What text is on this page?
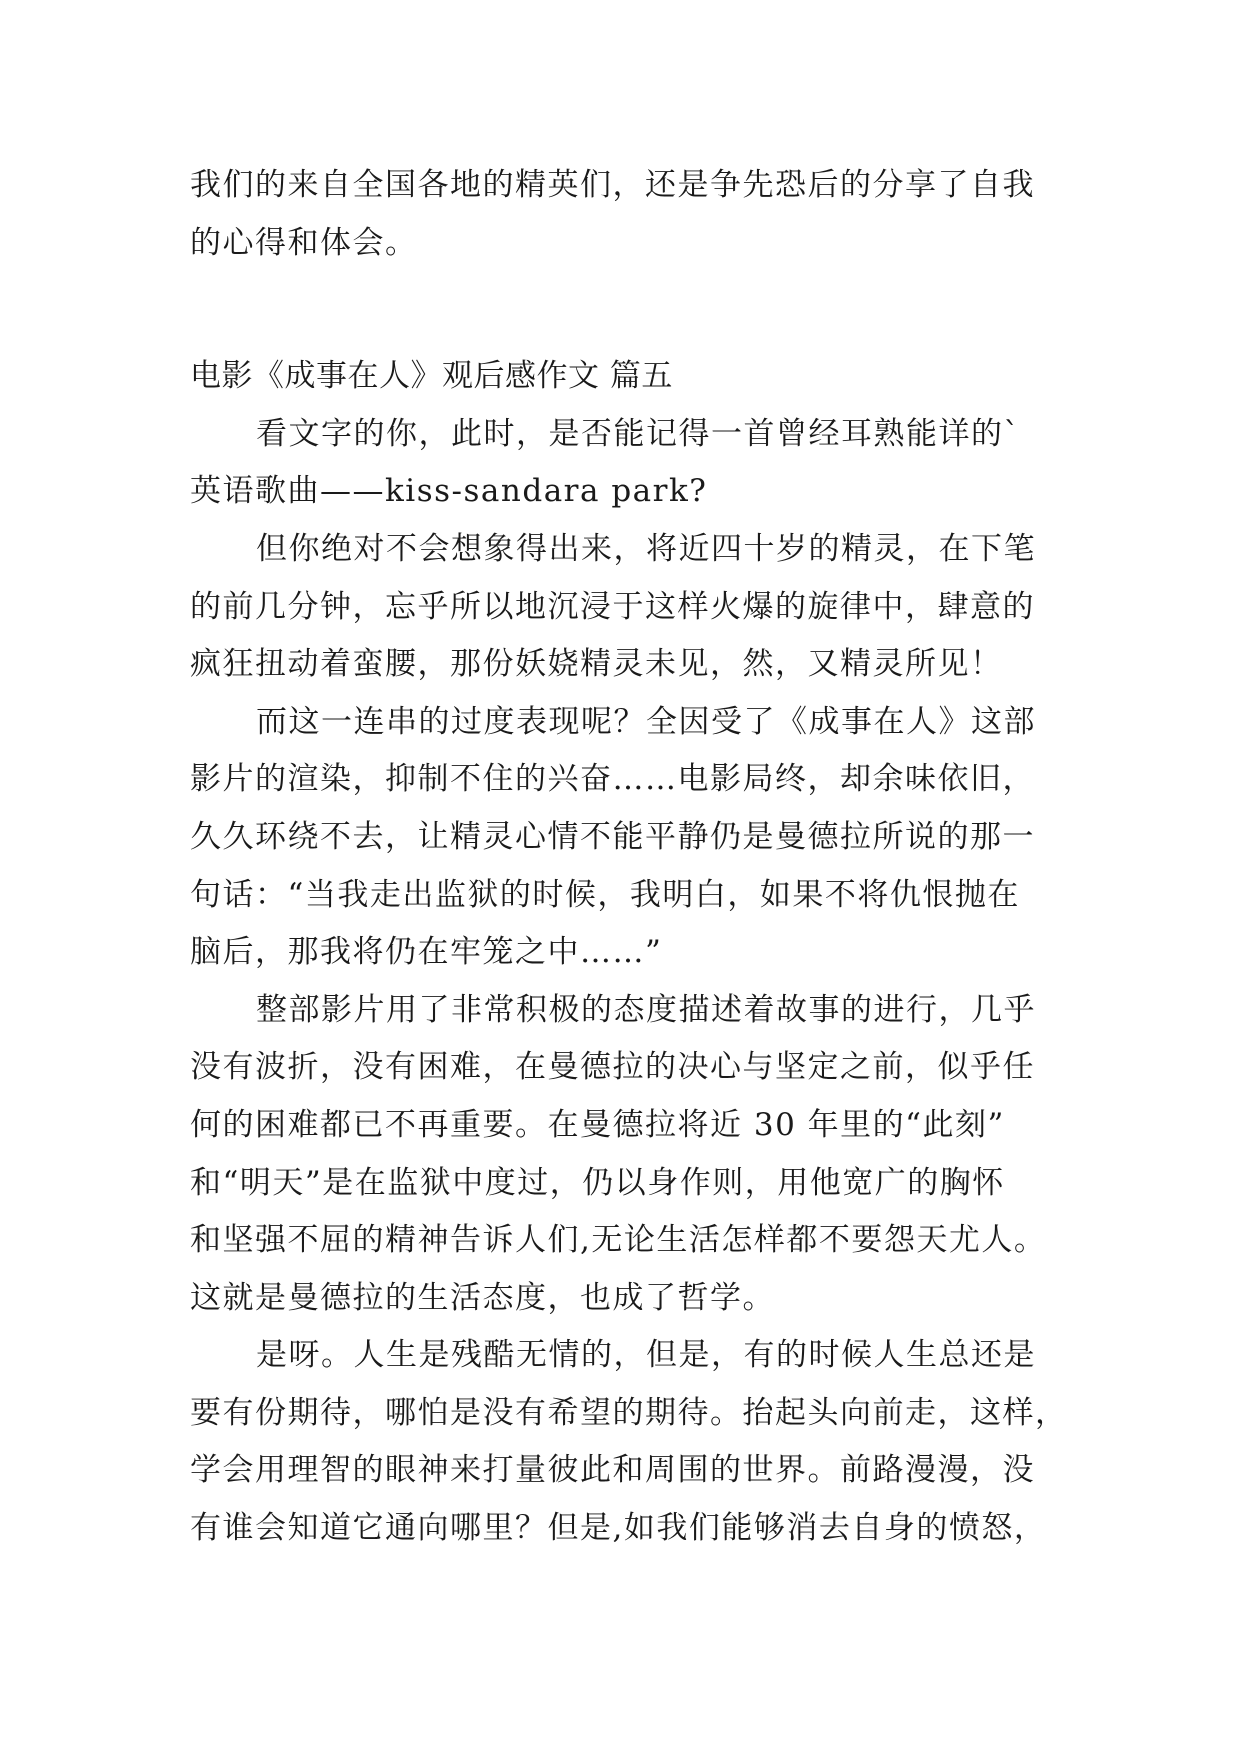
我们的来自全国各地的精英们，还是争先恐后的分享了自我
的心得和体会。
电影《成事在人》观后感作文 篇五
看文字的你，此时，是否能记得一首曾经耳熟能详的`
英语歌曲——kiss-sandara park?
但你绝对不会想象得出来，将近四十岁的精灵，在下笔
的前几分钟，忘乎所以地沉浸于这样火爆的旋律中，肆意的
疯狂扭动着蛮腰，那份妖娆精灵未见，然，又精灵所见！
而这一连串的过度表现呢？全因受了《成事在人》这部
影片的渲染，抑制不住的兴奋……电影局终，却余味依旧，
久久环绕不去，让精灵心情不能平静仍是曼德拉所说的那一
句话：“当我走出监狱的时候，我明白，如果不将仇恨抛在
脑后，那我将仍在牢笼之中……”
整部影片用了非常积极的态度描述着故事的进行，几乎
没有波折，没有困难，在曼德拉的决心与坚定之前，似乎任
何的困难都已不再重要。在曼德拉将近 30 年里的“此刻”
和“明天”是在监狱中度过，仍以身作则，用他宽广的胸怀
和坚强不屈的精神告诉人们,无论生活怎样都不要怨天尤人。
这就是曼德拉的生活态度，也成了哲学。
是呀。人生是残酷无情的，但是，有的时候人生总还是
要有份期待，哪怕是没有希望的期待。抬起头向前走，这样，
学会用理智的眼神来打量彼此和周围的世界。前路漫漫，没
有谁会知道它通向哪里？但是,如我们能够消去自身的愤怒，
